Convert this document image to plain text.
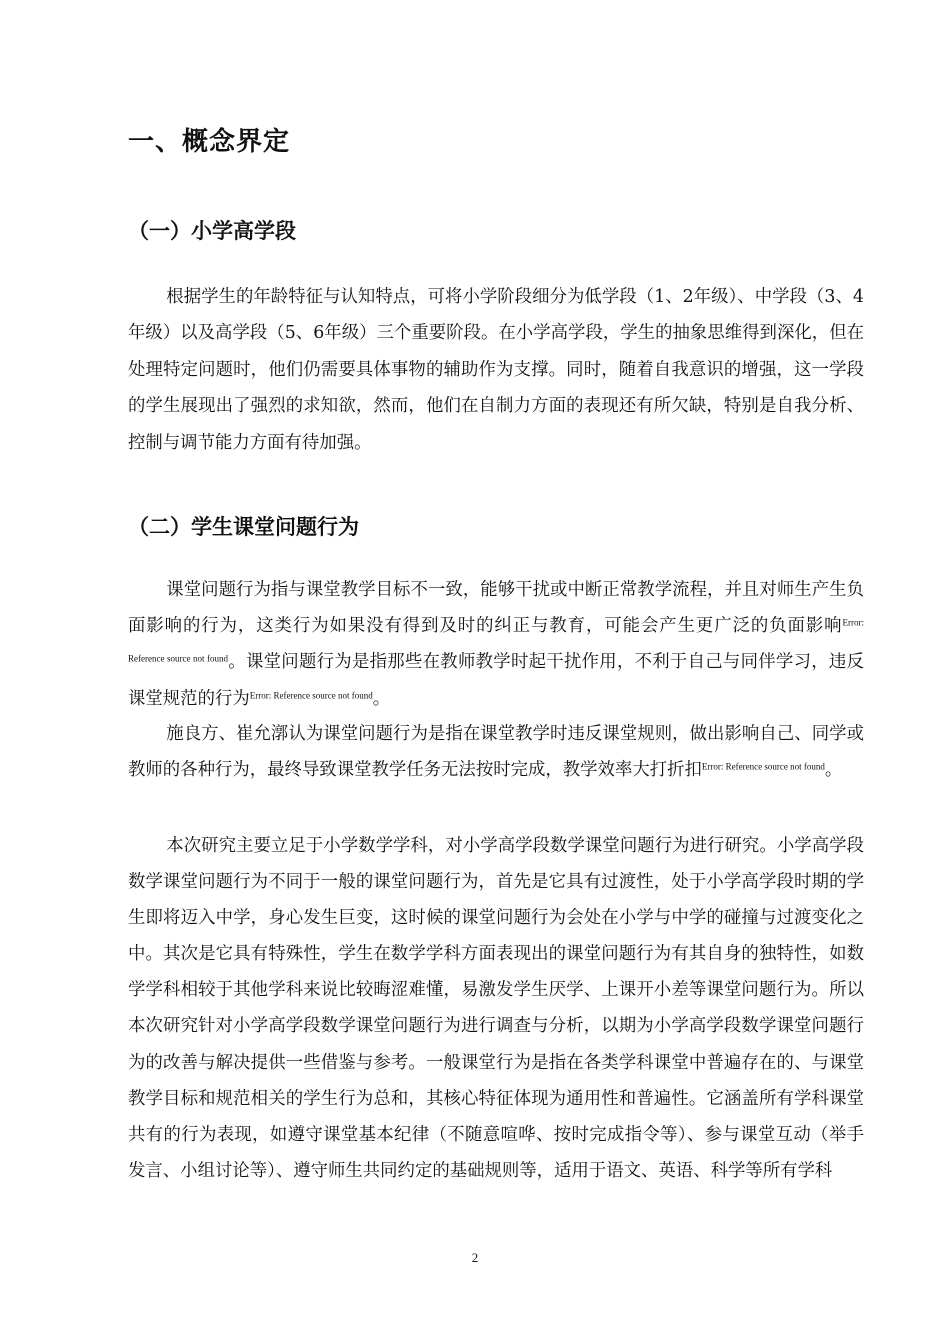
一、概念界定
（一）小学高学段

根据学生的年龄特征与认知特点，可将小学阶段细分为低学段（1、2年级）、中学段（3、4年级）以及高学段（5、6年级）三个重要阶段。在小学高学段，学生的抽象思维得到深化，但在处理特定问题时，他们仍需要具体事物的辅助作为支撑。同时，随着自我意识的增强，这一学段的学生展现出了强烈的求知欲，然而，他们在自制力方面的表现还有所欠缺，特别是自我分析、控制与调节能力方面有待加强。

（二）学生课堂问题行为

课堂问题行为指与课堂教学目标不一致，能够干扰或中断正常教学流程，并且对师生产生负面影响的行为，这类行为如果没有得到及时的纠正与教育，可能会产生更广泛的负面影响$^{Error: Reference source not found}$。课堂问题行为是指那些在教师教学时起干扰作用，不利于自己与同伴学习，违反课堂规范的行为$^{Error: Reference source not found}$。

施良方、崔允漷认为课堂问题行为是指在课堂教学时违反课堂规则，做出影响自己、同学或教师的各种行为，最终导致课堂教学任务无法按时完成，教学效率大打折扣$^{Error: Reference source not found}$。

本次研究主要立足于小学数学学科，对小学高学段数学课堂问题行为进行研究。小学高学段数学课堂问题行为不同于一般的课堂问题行为，首先是它具有过渡性，处于小学高学段时期的学生即将迈入中学，身心发生巨变，这时候的课堂问题行为会处在小学与中学的碰撞与过渡变化之中。其次是它具有特殊性，学生在数学学科方面表现出的课堂问题行为有其自身的独特性，如数学学科相较于其他学科来说比较晦涩难懂，易激发学生厌学、上课开小差等课堂问题行为。所以本次研究针对小学高学段数学课堂问题行为进行调查与分析，以期为小学高学段数学课堂问题行为的改善与解决提供一些借鉴与参考。一般课堂行为是指在各类学科课堂中普遍存在的、与课堂教学目标和规范相关的学生行为总和，其核心特征体现为通用性和普遍性。它涵盖所有学科课堂共有的行为表现，如遵守课堂基本纪律（不随意喧哗、按时完成指令等）、参与课堂互动（举手发言、小组讨论等）、遵守师生共同约定的基础规则等，适用于语文、英语、科学等所有学科

2
